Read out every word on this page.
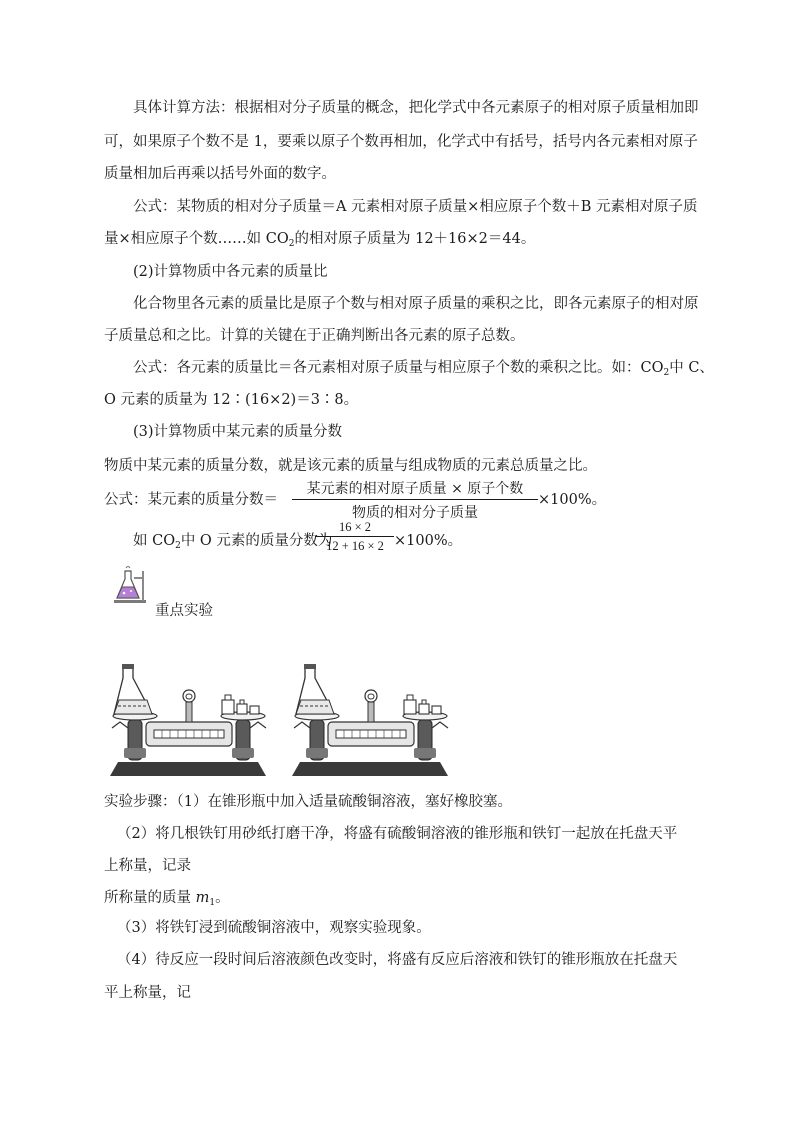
具体计算方法：根据相对分子质量的概念，把化学式中各元素原子的相对原子质量相加即
可，如果原子个数不是 1，要乘以原子个数再相加，化学式中有括号，括号内各元素相对原子
质量相加后再乘以括号外面的数字。
公式：某物质的相对分子质量＝A 元素相对原子质量×相应原子个数＋B 元素相对原子质
量×相应原子个数……如 $CO_2$的相对原子质量为 12＋16×2＝44。
(2)计算物质中各元素的质量比
化合物里各元素的质量比是原子个数与相对原子质量的乘积之比，即各元素原子的相对原
子质量总和之比。计算的关键在于正确判断出各元素的原子总数。
公式：各元素的质量比＝各元素相对原子质量与相应原子个数的乘积之比。如：$CO_2$中 C、
O 元素的质量为 12∶(16×2)＝3∶8。
(3)计算物质中某元素的质量分数
物质中某元素的质量分数，就是该元素的质量与组成物质的元素总质量之比。
公式：某元素的质量分数＝
某元素的相对原子质量 × 原子个数
物质的相对分子质量
×100%。
如 $CO_2$中 O 元素的质量分数为
$\frac{16 \times 2}{12 + 16 \times 2} \times 100\%$。
重点实验
实验步骤：（1）在锥形瓶中加入适量硫酸铜溶液，塞好橡胶塞。
（2）将几根铁钉用砂纸打磨干净，将盛有硫酸铜溶液的锥形瓶和铁钉一起放在托盘天平
上称量，记录
所称量的质量 $m_1$。
（3）将铁钉浸到硫酸铜溶液中，观察实验现象。
（4）待反应一段时间后溶液颜色改变时，将盛有反应后溶液和铁钉的锥形瓶放在托盘天
平上称量，记
